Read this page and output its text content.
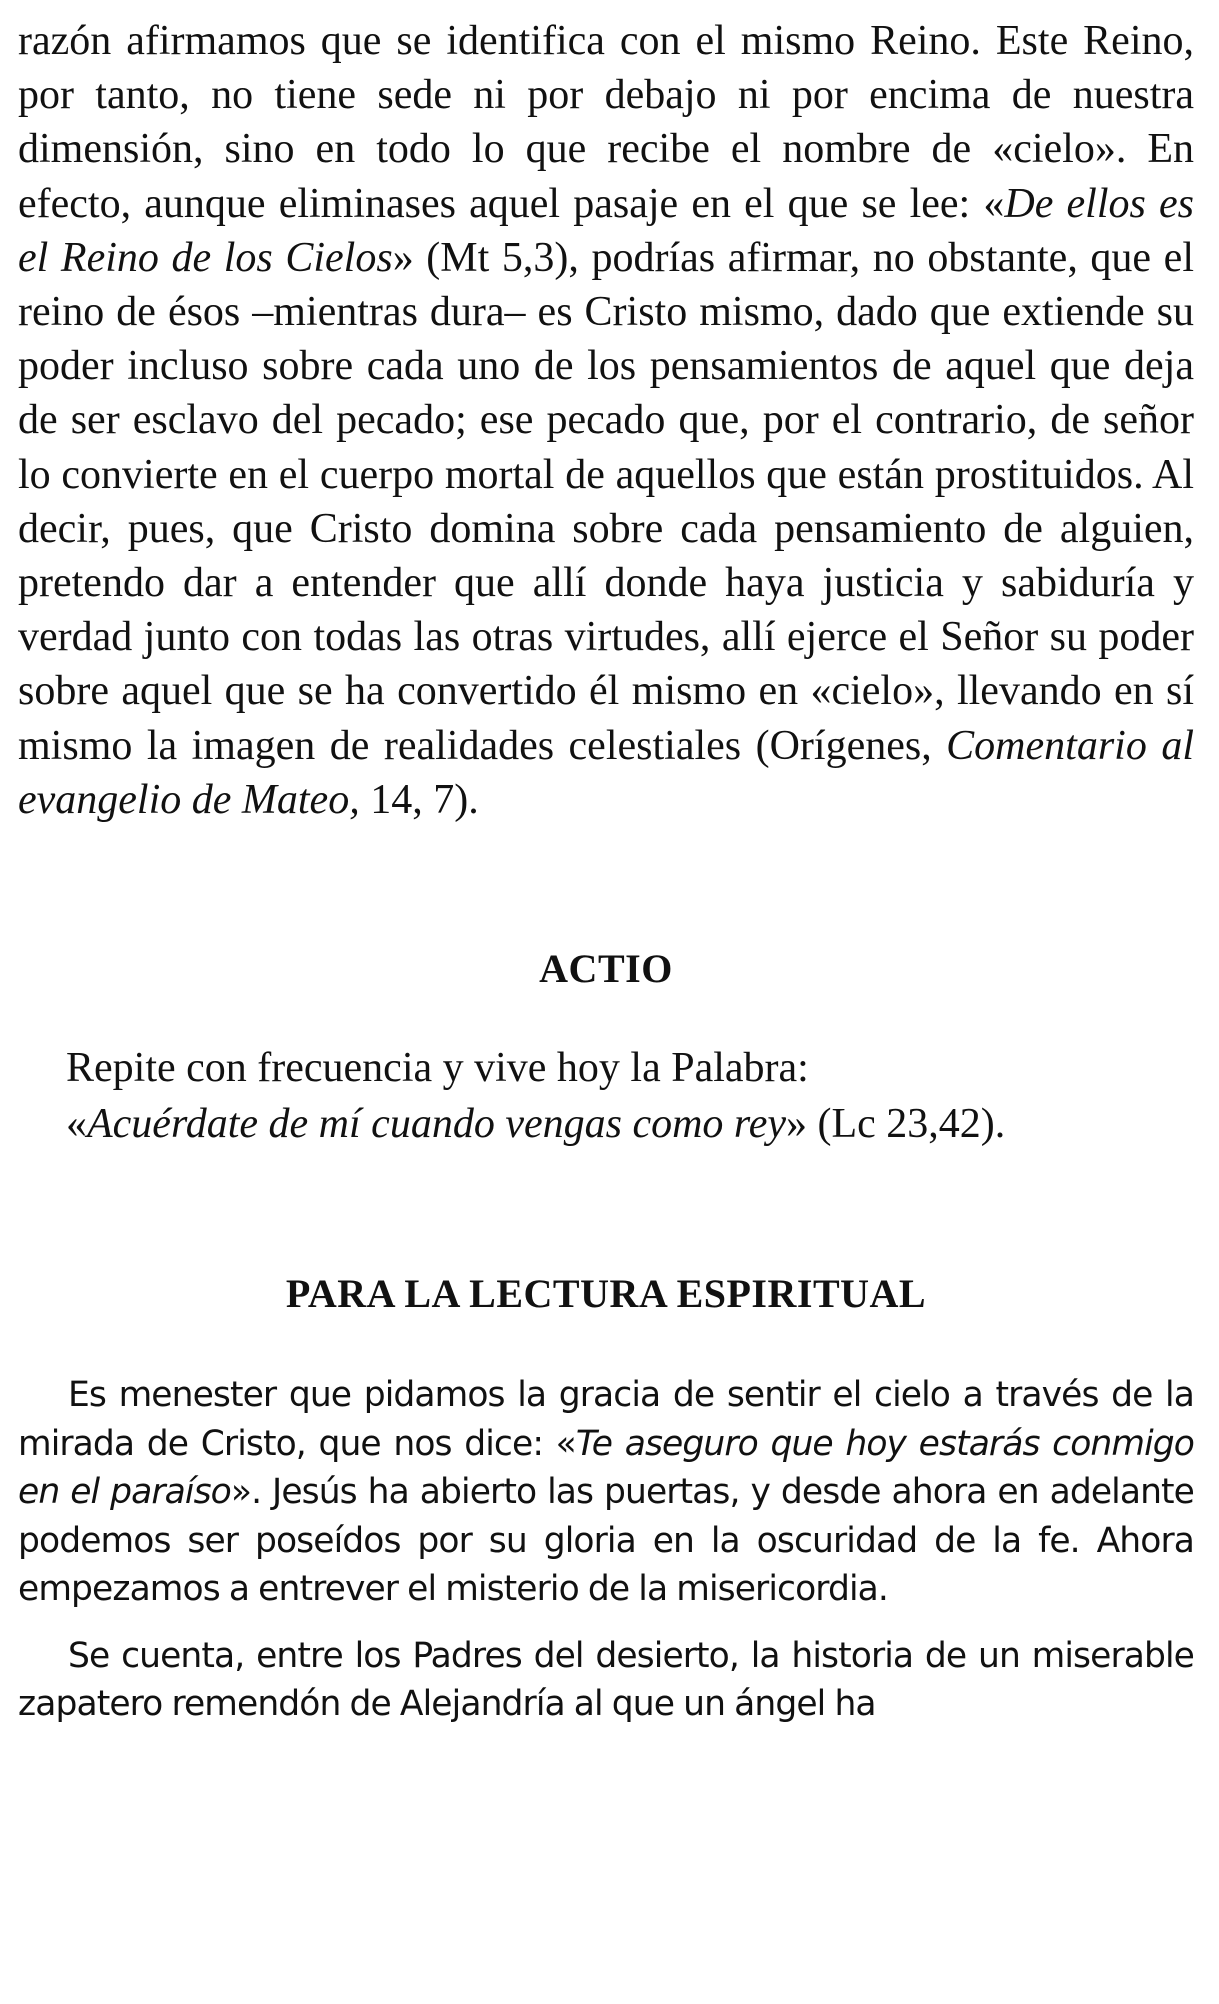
razón afirmamos que se identifica con el mismo Reino. Este Reino, por tanto, no tiene sede ni por debajo ni por encima de nuestra dimensión, sino en todo lo que recibe el nombre de «cielo». En efecto, aunque eliminases aquel pasaje en el que se lee: «De ellos es el Reino de los Cielos» (Mt 5,3), podrías afirmar, no obstante, que el reino de ésos –mientras dura– es Cristo mismo, dado que extiende su poder incluso sobre cada uno de los pensamientos de aquel que deja de ser esclavo del pecado; ese pecado que, por el contrario, de señor lo convierte en el cuerpo mortal de aquellos que están prostituidos. Al decir, pues, que Cristo domina sobre cada pensamiento de alguien, pretendo dar a entender que allí donde haya justicia y sabiduría y verdad junto con todas las otras virtudes, allí ejerce el Señor su poder sobre aquel que se ha convertido él mismo en «cielo», llevando en sí mismo la imagen de realidades celestiales (Orígenes, Comentario al evangelio de Mateo, 14, 7).

ACTIO
Repite con frecuencia y vive hoy la Palabra:
«Acuérdate de mí cuando vengas como rey» (Lc 23,42).
PARA LA LECTURA ESPIRITUAL

Es menester que pidamos la gracia de sentir el cielo a través de la mirada de Cristo, que nos dice: «Te aseguro que hoy estarás conmigo en el paraíso». Jesús ha abierto las puertas, y desde ahora en adelante podemos ser poseídos por su gloria en la oscuridad de la fe. Ahora empezamos a entrever el misterio de la misericordia.

Se cuenta, entre los Padres del desierto, la historia de un miserable zapatero remendón de Alejandría al que un ángel ha
